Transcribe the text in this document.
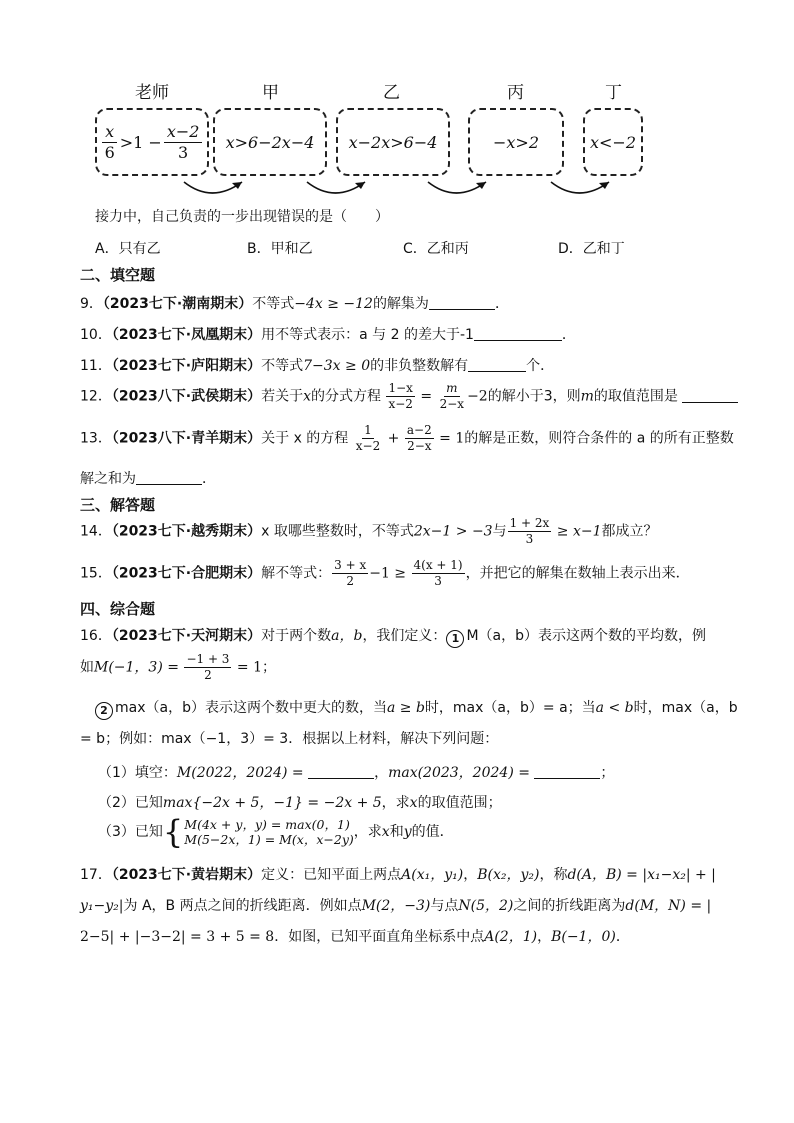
老师	甲	乙	丙	丁
$\frac{x}{6} >1 - \frac{x-2}{3}$	x>6−2x−4	x−2x>6−4	−x>2	x<−2
接力中，自己负责的一步出现错误的是（　　）
A．只有乙	B．甲和乙	C．乙和丙	D．乙和丁
二、填空题
9．（2023七下·潮南期末）不等式−4x ≥ −12的解集为	．
10．（2023七下·凤凰期末）用不等式表示：a 与 2 的差大于-1	．
11．（2023七下·庐阳期末）不等式7−3x ≥ 0的非负整数解有	个．
12．（2023八下·武侯期末）若关于x的分式方程 $\frac{1-x}{x-2} = \frac{m}{2-x} -2$的解小于3，则m的取值范围是
13．（2023八下·青羊期末）关于 x 的方程 $\frac{1}{x-2} + \frac{a-2}{2-x} = 1$的解是正数，则符合条件的 a 的所有正整数
解之和为	．
三、解答题
14．（2023七下·越秀期末）x 取哪些整数时，不等式2x−1 > −3与 $\frac{1 + 2x}{3} \ge x-1$都成立？
15．（2023七下·合肥期末）解不等式： $\frac{3 + x}{2} -1 \ge \frac{4(x + 1)}{3}$ ，并把它的解集在数轴上表示出来．
四、综合题
16．（2023七下·天河期末）对于两个数a，b，我们定义： 1 M（a，b）表示这两个数的平均数，例
如M(−1，$3) = \frac{-1 + 3}{2} = 1$；
2 max（a，b）表示这两个数中更大的数，当a ≥ b时，max（a，b）= a；当a < b时，max（a，b
= b；例如：max（−1，3）= 3．根据以上材料，解决下列问题：
（1）填空：M(2022，2024) =	，max(2023，2024) =	；
（2）已知max{−2x + 5，−1} = −2x + 5，求x的取值范围；
（3）已知 { M(4x + y，y) = max(0，1)
M(5−2x，1) = M(x，x−2y) ，求x和y的值．
17．（2023七下·黄岩期末）定义：已知平面上两点A(x₁，y₁)，B(x₂，y₂)，称d(A，B) = |x₁−x₂| + |
y₁−y₂|为 A，B 两点之间的折线距离．例如点M(2，−3)与点N(5，2)之间的折线距离为d(M，N) = |
2−5| + |−3−2| = 3 + 5 = 8．如图，已知平面直角坐标系中点A(2，1)，B(−1，0)．
